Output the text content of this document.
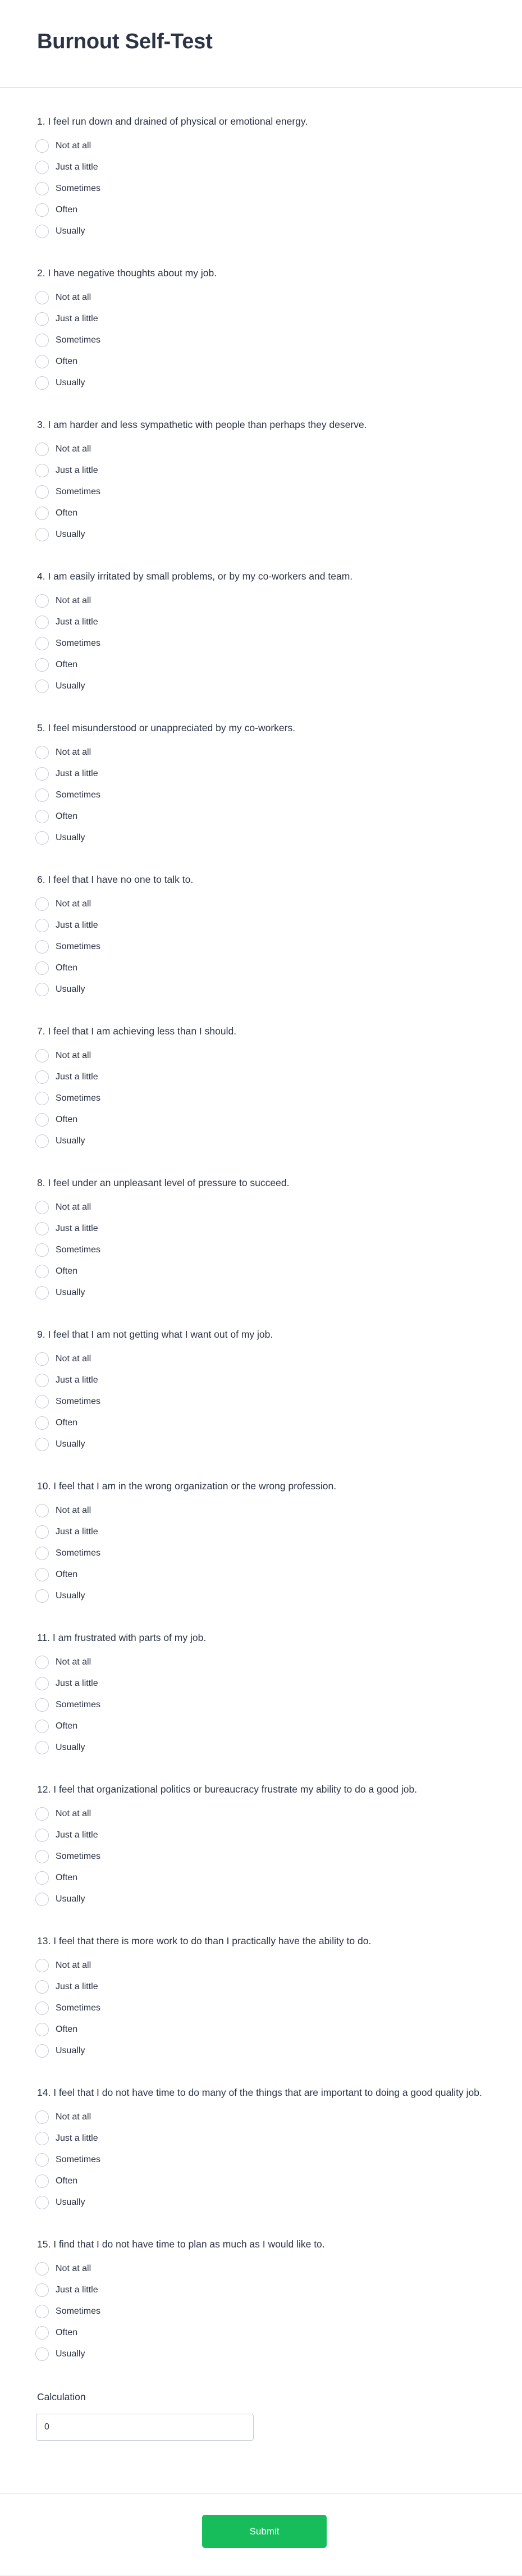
Burnout Self-Test
1. I feel run down and drained of physical or emotional energy.
Not at all
Just a little
Sometimes
Often
Usually
2. I have negative thoughts about my job.
Not at all
Just a little
Sometimes
Often
Usually
3. I am harder and less sympathetic with people than perhaps they deserve.
Not at all
Just a little
Sometimes
Often
Usually
4. I am easily irritated by small problems, or by my co-workers and team.
Not at all
Just a little
Sometimes
Often
Usually
5. I feel misunderstood or unappreciated by my co-workers.
Not at all
Just a little
Sometimes
Often
Usually
6. I feel that I have no one to talk to.
Not at all
Just a little
Sometimes
Often
Usually
7. I feel that I am achieving less than I should.
Not at all
Just a little
Sometimes
Often
Usually
8. I feel under an unpleasant level of pressure to succeed.
Not at all
Just a little
Sometimes
Often
Usually
9. I feel that I am not getting what I want out of my job.
Not at all
Just a little
Sometimes
Often
Usually
10. I feel that I am in the wrong organization or the wrong profession.
Not at all
Just a little
Sometimes
Often
Usually
11. I am frustrated with parts of my job.
Not at all
Just a little
Sometimes
Often
Usually
12. I feel that organizational politics or bureaucracy frustrate my ability to do a good job.
Not at all
Just a little
Sometimes
Often
Usually
13. I feel that there is more work to do than I practically have the ability to do.
Not at all
Just a little
Sometimes
Often
Usually
14. I feel that I do not have time to do many of the things that are important to doing a good quality job.
Not at all
Just a little
Sometimes
Often
Usually
15. I find that I do not have time to plan as much as I would like to.
Not at all
Just a little
Sometimes
Often
Usually
Calculation
0
Submit
